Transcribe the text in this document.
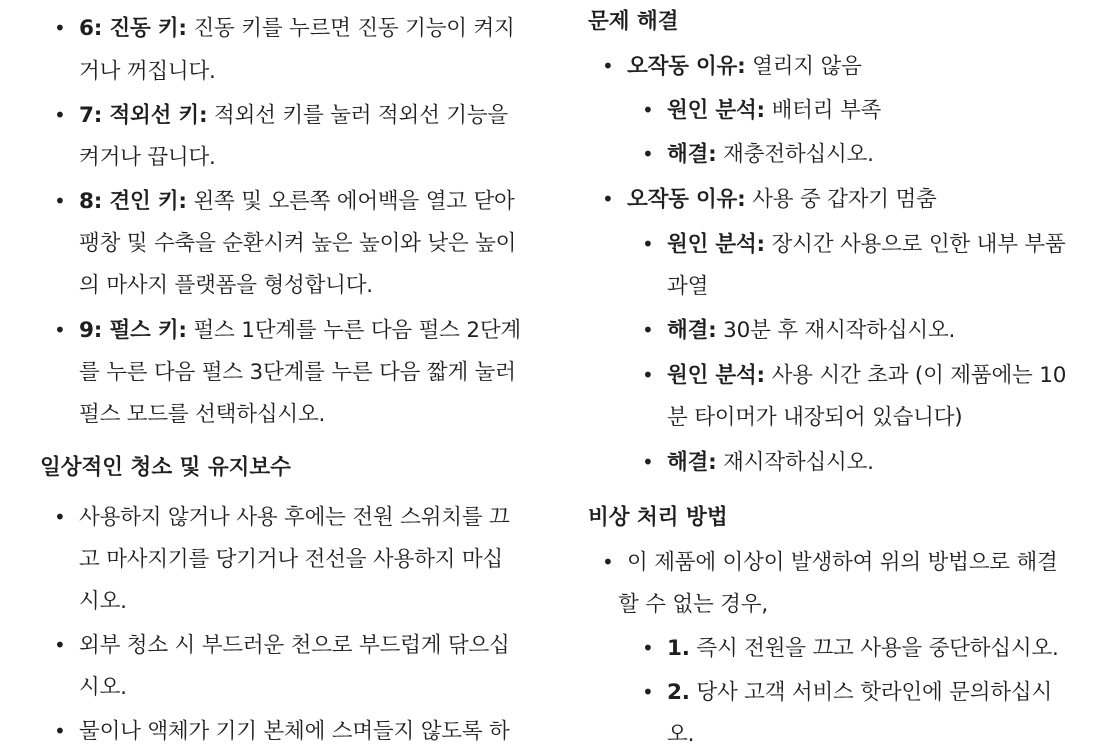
• 6: 진동 키: 진동 키를 누르면 진동 기능이 켜지
거나 꺼집니다.
• 7: 적외선 키: 적외선 키를 눌러 적외선 기능을
켜거나 끕니다.
• 8: 견인 키: 왼쪽 및 오른쪽 에어백을 열고 닫아
팽창 및 수축을 순환시켜 높은 높이와 낮은 높이
의 마사지 플랫폼을 형성합니다.
• 9: 펄스 키: 펄스 1단계를 누른 다음 펄스 2단계
를 누른 다음 펄스 3단계를 누른 다음 짧게 눌러
펄스 모드를 선택하십시오.
일상적인 청소 및 유지보수
• 사용하지 않거나 사용 후에는 전원 스위치를 끄
고 마사지기를 당기거나 전선을 사용하지 마십
시오.
• 외부 청소 시 부드러운 천으로 부드럽게 닦으십
시오.
• 물이나 액체가 기기 본체에 스며들지 않도록 하
문제 해결
• 오작동 이유: 열리지 않음
• 원인 분석: 배터리 부족
• 해결: 재충전하십시오.
• 오작동 이유: 사용 중 갑자기 멈춤
• 원인 분석: 장시간 사용으로 인한 내부 부품
과열
• 해결: 30분 후 재시작하십시오.
• 원인 분석: 사용 시간 초과 (이 제품에는 10
분 타이머가 내장되어 있습니다)
• 해결: 재시작하십시오.
비상 처리 방법
• 이 제품에 이상이 발생하여 위의 방법으로 해결
할 수 없는 경우,
• 1. 즉시 전원을 끄고 사용을 중단하십시오.
• 2. 당사 고객 서비스 핫라인에 문의하십시
오.
